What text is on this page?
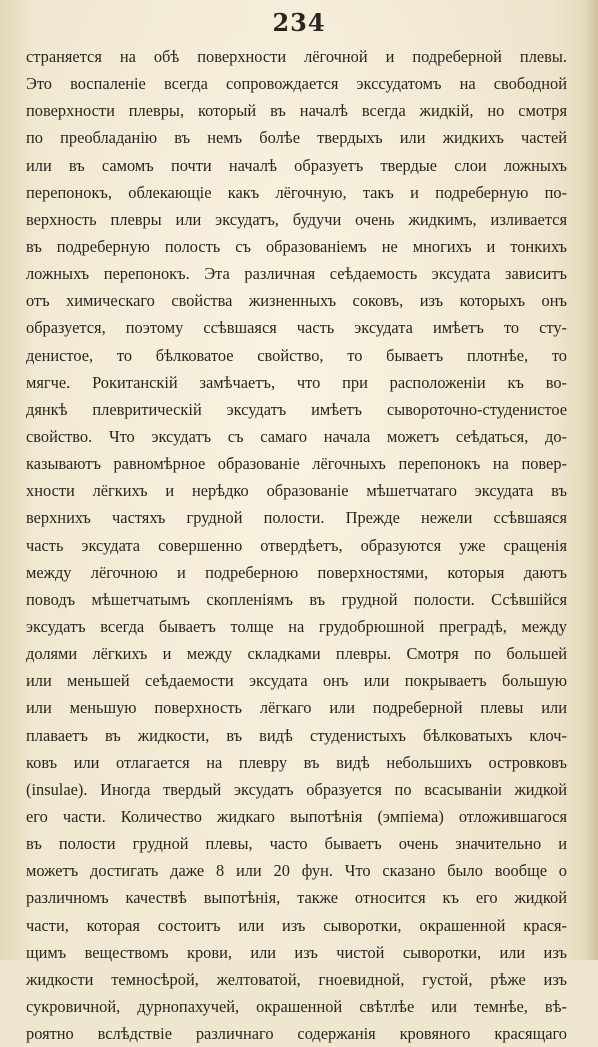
234
страняется на обѣ поверхности лёгочной и подреберной плевы.
Это воспаленіе всегда сопровождается экссудатомъ на свободной
поверхности плевры, который въ началѣ всегда жидкій, но смотря
по преобладанію въ немъ болѣе твердыхъ или жидкихъ частей
или въ самомъ почти началѣ образуетъ твердые слои ложныхъ
перепонокъ, облекающіе какъ лёгочную, такъ и подреберную по-
верхность плевры или эксудатъ, будучи очень жидкимъ, изливается
въ подреберную полость съ образованіемъ не многихъ и тонкихъ
ложныхъ перепонокъ. Эта различная сеѣдаемость эксудата зависитъ
отъ химическаго свойства жизненныхъ соковъ, изъ которыхъ онъ
образуется, поэтому ссѣвшаяся часть эксудата имѣетъ то сту-
денистое, то бѣлковатое свойство, то бываетъ плотнѣе, то
мягче. Рокитанскій замѣчаетъ, что при расположеніи къ во-
дянкѣ плевритическій эксудатъ имѣетъ сывороточно-студенистое
свойство. Что эксудатъ съ самаго начала можетъ сеѣдаться, до-
казываютъ равномѣрное образованіе лёгочныхъ перепонокъ на повер-
хности лёгкихъ и нерѣдко образованіе мѣшетчатаго эксудата въ
верхнихъ частяхъ грудной полости. Прежде нежели ссѣвшаяся
часть эксудата совершенно отвердѣетъ, образуются уже сращенія
между лёгочною и подреберною поверхностями, которыя даютъ
поводъ мѣшетчатымъ скопленіямъ въ грудной полости. Ссѣвшійся
эксудатъ всегда бываетъ толще на грудобрюшной преградѣ, между
долями лёгкихъ и между складками плевры. Смотря по большей
или меньшей сеѣдаемости эксудата онъ или покрываетъ большую
или меньшую поверхность лёгкаго или подреберной плевы или
плаваетъ въ жидкости, въ видѣ студенистыхъ бѣлковатыхъ клоч-
ковъ или отлагается на плевру въ видѣ небольшихъ островковъ
(insulae). Иногда твердый эксудатъ образуется по всасываніи жидкой
его части. Количество жидкаго выпотѣнія (эмпіема) отложившагося
въ полости грудной плевы, часто бываетъ очень значительно и
можетъ достигать даже 8 или 20 фун. Что сказано было вообще о
различномъ качествѣ выпотѣнія, также относится къ его жидкой
части, которая состоитъ или изъ сыворотки, окрашенной крася-
щимъ веществомъ крови, или изъ чистой сыворотки, или изъ
жидкости темносѣрой, желтоватой, гноевидной, густой, рѣже изъ
сукровичной, дурнопахучей, окрашенной свѣтлѣе или темнѣе, вѣ-
роятно вслѣдствіе различнаго содержанія кровяного красящаго
